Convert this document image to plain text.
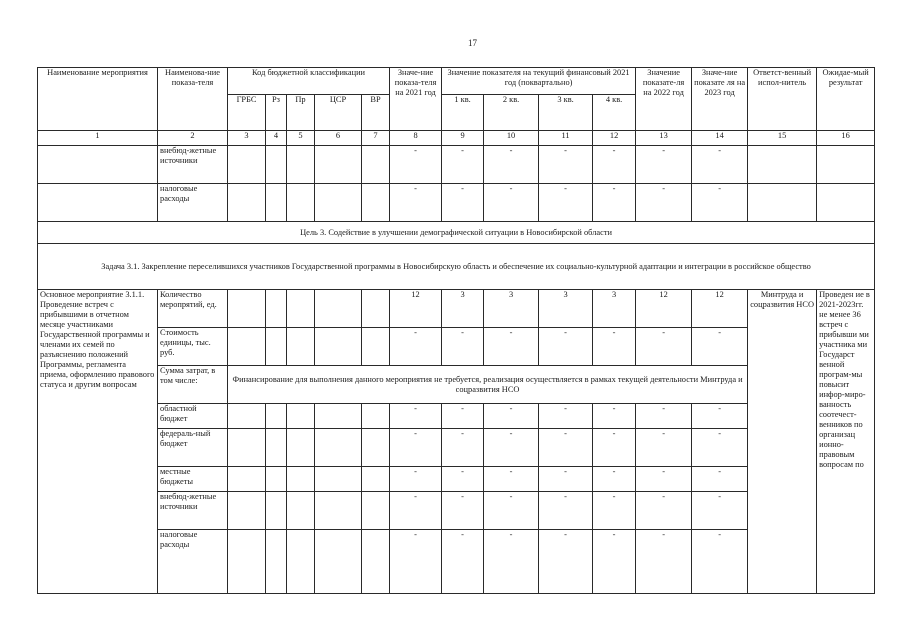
17
Наименование мероприятия	Наименова-ние показа-теля	Код бюджетной классификации					Значе-ние показа-теля на 2021 год	Значение показателя на текущий финансовый 2021 год (поквартально)				Значение показате-ля на 2022 год	Значе-ние показате ля на 2023 год	Ответст-венный испол-нитель	Ожидае-мый результат
		ГРБС	Рз	Пр	ЦСР	ВР		1 кв.	2 кв.	3 кв.	4 кв.				
1	2	3	4	5	6	7	8	9	10	11	12	13	14	15	16
	внебюд-жетные источники						-	-	-	-	-	-	-		
	налоговые расходы						-	-	-	-	-	-	-		
Цель 3. Содействие в улучшении демографической ситуации в Новосибирской области															
Задача 3.1. Закрепление переселившихся участников Государственной программы в Новосибирскую область и обеспечение их социально-культурной адаптации и интеграции в российское общество															
Основное мероприятие 3.1.1. Проведение встреч с прибывшими в отчетном месяце участниками Государственной программы и членами их семей по разъяснению положений Программы, регламента приема, оформлению правового статуса и другим вопросам	Количество меропрятий, ед.						12	3	3	3	3	12	12	Минтруда и соцразвития НСО	Проведен ие в 2021-2023гг. не менее 36 встреч с прибывши ми участника ми Государст венной програм-мы повысит инфор-миро-ванность соотечест-венников по организац ионно-правовым вопросам по
	Стоимость единицы, тыс. руб.						-	-	-	-	-	-	-		
	Сумма затрат, в том числе:	Финансирование для выполнения данного мероприятия не требуется, реализация осуществляется в рамках текущей деятельности Минтруда и соцразвития НСО													
	областной бюджет						-	-	-	-	-	-	-		
	федераль-ный бюджет						-	-	-	-	-	-	-		
	местные бюджеты						-	-	-	-	-	-	-		
	внебюд-жетные источники						-	-	-	-	-	-	-		
	налоговые расходы						-	-	-	-	-	-	-		
